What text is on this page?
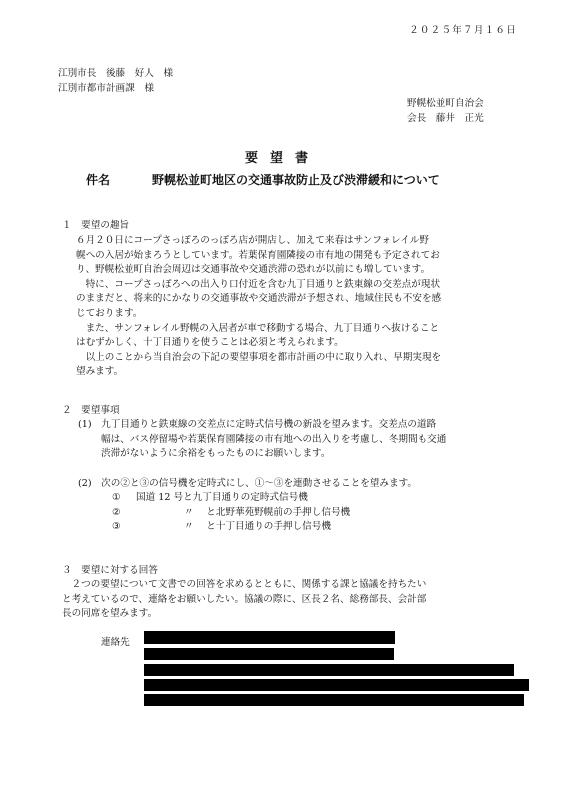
２０２５年７月１６日
江別市長　後藤　好人　様
江別市都市計画課　様
野幌松並町自治会
会長　藤井　正光
要望書
件名	野幌松並町地区の交通事故防止及び渋滞緩和について
１　要望の趣旨
６月２０日にコープさっぽろのっぽろ店が開店し、加えて来春はサンフォレイル野
幌への入居が始まろうとしています。若葉保育園隣接の市有地の開発も予定されてお
り、野幌松並町自治会周辺は交通事故や交通渋滞の恐れが以前にも増しています。
　特に、コープさっぽろへの出入り口付近を含む九丁目通りと鉄東線の交差点が現状
のままだと、将来的にかなりの交通事故や交通渋滞が予想され、地域住民も不安を感
じております。
　また、サンフォレイル野幌の入居者が車で移動する場合、九丁目通りへ抜けること
はむずかしく、十丁目通りを使うことは必須と考えられます。
　以上のことから当自治会の下記の要望事項を都市計画の中に取り入れ、早期実現を
望みます。
２　要望事項
(1)　九丁目通りと鉄東線の交差点に定時式信号機の新設を望みます。交差点の道路
幅は、バス停留場や若葉保育園隣接の市有地への出入りを考慮し、冬期間も交通
渋滞がないように余裕をもったものにお願いします。
(2)　次の②と③の信号機を定時式にし、①～③を連動させることを望みます。
① 国道 12 号と九丁目通りの定時式信号機
②	〃　 と北野華苑野幌前の手押し信号機
③	〃　 と十丁目通りの手押し信号機
３　要望に対する回答
　２つの要望について文書での回答を求めるとともに、関係する課と協議を持ちたい
と考えているので、連絡をお願いしたい。協議の際に、区長２名、総務部長、会計部
長の同席を望みます。
連絡先
